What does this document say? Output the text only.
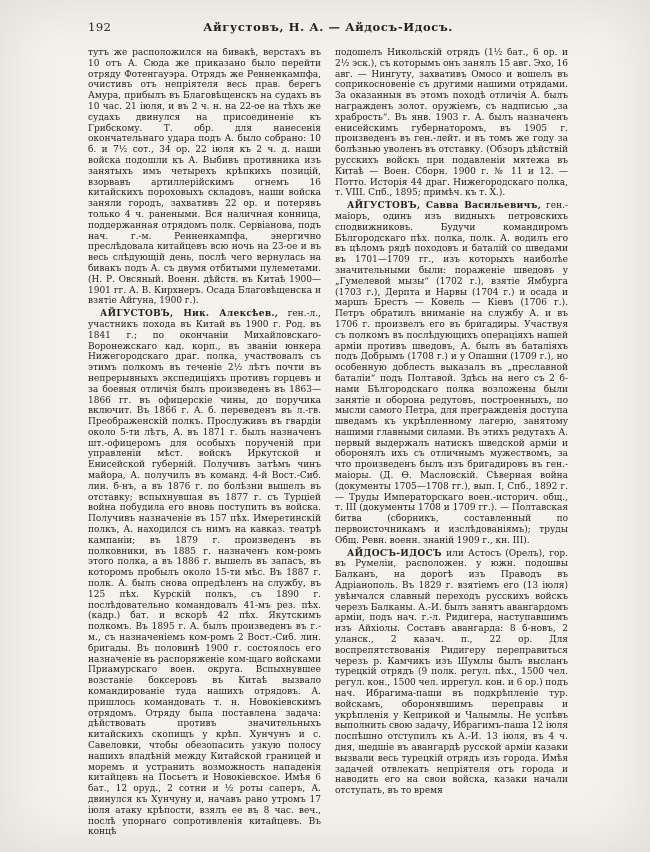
192	Айгустовъ, Н. А. — Айдосъ-Идосъ.

тутъ же расположился на бивакѣ, верстахъ въ 10 отъ А. Сюда же приказано было перейти отряду Фотенгауэра. Отрядъ же Ренненкампфа, очистивъ отъ непріятеля весь прав. берегъ Амура, прибылъ въ Благовѣщенскъ на судахъ въ 10 час. 21 іюля, и въ 2 ч. н. на 22-ое на тѣхъ же судахъ двинулся на присоединеніе къ Грибскому. Т. обр. для нанесенія окончательнаго удара подъ А. было собрано: 10 б. и 7½ сот., 34 ор. 22 іюля къ 2 ч. д. наши войска подошли къ А. Выбивъ противника изъ занятыхъ имъ четырехъ крѣпкихъ позицій, взорвавъ артиллерійскимъ огнемъ 16 китайскихъ пороховыхъ складовъ, наши войска заняли городъ, захвативъ 22 ор. и потерявъ только 4 ч. ранеными. Вся наличная конница, поддержанная отрядомъ полк. Сервіанова, подъ нач. г.-м. Ренненкампфа, энергично преслѣдовала китайцевъ всю ночь на 23-ое и въ весь слѣдующій день, послѣ чего вернулась на бивакъ подъ А. съ двумя отбитыми пулеметами. (Н. Р. Овсяный. Военн. дѣйств. въ Китаѣ 1900—1901 гг. А. В. Кирхнеръ. Осада Благовѣщенска и взятіе Айгуна, 1900 г.).

АЙГУСТОВЪ, Ник. Алексѣев., ген.-л., участникъ похода въ Китай въ 1900 г. Род. въ 1841 г.; по окончаніи Михайловскаго-Воронежскаго кад. корп., въ званіи юнкера Нижегородскаго драг. полка, участвовалъ съ этимъ полкомъ въ теченіе 2½ лѣтъ почти въ непрерывныхъ экспедиціяхъ противъ горцевъ и за боевыя отличія былъ произведенъ въ 1863—1866 гг. въ офицерскіе чины, до поручика включит. Въ 1866 г. А. б. переведенъ въ л.-гв. Преображенскій полкъ. Прослуживъ въ гвардіи около 5-ти лѣтъ, А. въ 1871 г. былъ назначенъ шт.-офицеромъ для особыхъ порученій при управленіи мѣст. войскъ Иркутской и Енисейской губерній. Получивъ затѣмъ чинъ майора, А. получилъ въ команд. 4-й Вост.-Сиб. лин. б-нъ, а въ 1876 г. по болѣзни вышелъ въ отставку; вспыхнувшая въ 1877 г. съ Турціей война побудила его вновь поступить въ войска. Получивъ назначеніе въ 157 пѣх. Имеретинскій полкъ, А. находился съ нимъ на кавказ. театрѣ кампаніи; въ 1879 г. произведенъ въ полковники, въ 1885 г. назначенъ ком-ромъ этого полка, а въ 1886 г. вышелъ въ запасъ, въ которомъ пробылъ около 15-ти мѣс. Въ 1887 г. полк. А. былъ снова опредѣленъ на службу, въ 125 пѣх. Курскій полкъ, съ 1890 г. послѣдовательно командовалъ 41-мъ рез. пѣх. (кадр.) бат. и вскорѣ 42 пѣх. Якутскимъ полкомъ. Въ 1895 г. А. былъ произведенъ въ г.-м., съ назначеніемъ ком-ромъ 2 Вост.-Сиб. лин. бригады. Въ половинѣ 1900 г. состоялось его назначеніе въ распоряженіе ком-щаго войсками Приамурскаго воен. округа. Вспыхнувшее возстаніе боксеровъ въ Китаѣ вызвало командированіе туда нашихъ отрядовъ. А. пришлось командовать т. н. Новокіевскимъ отрядомъ. Отряду была поставлена задача: дѣйствовать противъ значительныхъ китайскихъ скопищъ у крѣп. Хунчунъ и с. Савеловки, чтобы обезопасить узкую полосу нашихъ владѣній между Китайской границей и моремъ и устранить возможность нападенія китайцевъ на Посьетъ и Новокіевское. Имѣя 6 бат., 12 оруд., 2 сотни и ½ роты саперъ, А. двинулся къ Хунчуну и, начавъ рано утромъ 17 іюля атаку крѣпости, взялъ ее въ 8 час. веч., послѣ упорнаго сопротивленія китайцевъ. Въ концѣ

подошелъ Никольскій отрядъ (1½ бат., 6 ор. и 2½ эск.), съ которымъ онъ занялъ 15 авг. Эхо, 16 авг. — Нингуту, захвативъ Омосо и вошелъ въ соприкосновеніе съ другими нашими отрядами. За оказанныя въ этомъ походѣ отличія А. былъ награжденъ золот. оружіемъ, съ надписью „за храбрость“. Въ янв. 1903 г. А. былъ назначенъ енисейскимъ губернаторомъ, въ 1905 г. произведенъ въ ген.-лейт. и въ томъ же году за болѣзнью уволенъ въ отставку. (Обзоръ дѣйствій русскихъ войскъ при подавленіи мятежа въ Китаѣ — Воен. Сборн. 1900 г. № 11 и 12. — Потто. Исторія 44 драг. Нижегородскаго полка, т. VIII. Спб., 1895; примѣч. къ т. X.).

АЙГУСТОВЪ, Савва Васильевичъ, ген.-маіоръ, одинъ изъ видныхъ петровскихъ сподвижниковъ. Будучи командиромъ Бѣлгородскаго пѣх. полка, полк. А. водилъ его въ цѣломъ рядѣ походовъ и баталій со шведами въ 1701—1709 гг., изъ которыхъ наиболѣе значительными были: пораженіе шведовъ у „Гумелевой мызы“ (1702 г.), взятіе Ямбурга (1703 г.), Дерпта и Нарвы (1704 г.) и осада и маршъ Брестъ — Ковель — Кіевъ (1706 г.). Петръ обратилъ вниманіе на службу А. и въ 1706 г. произвелъ его въ бригадиры. Участвуя съ полкомъ въ послѣдующихъ операціяхъ нашей арміи противъ шведовъ, А. былъ въ баталіяхъ подъ Добрымъ (1708 г.) и у Опашни (1709 г.), но особенную доблесть выказалъ въ „преславной баталіи“ подъ Полтавой. Здѣсь на него съ 2 б-нами Бѣлгородскаго полка возложены были занятіе и оборона редутовъ, построенныхъ, по мысли самого Петра, для прегражденія доступа шведамъ къ укрѣпленному лагерю, занятому нашими главными силами. Въ этихъ редутахъ А. первый выдержалъ натискъ шведской арміи и оборонялъ ихъ съ отличнымъ мужествомъ, за что произведенъ былъ изъ бригадировъ въ ген.-маіоры. (Д. Ѳ. Масловскій. Сѣверная война (документы 1705—1708 гг.), вып. I, Спб., 1892 г. — Труды Императорскаго воен.-историч. общ., т. III (документы 1708 и 1709 гг.). — Полтавская битва (сборникъ, составленный по первоисточникамъ и изслѣдованіямъ); труды Общ. Ревн. военн. знаній 1909 г., кн. III).

АЙДОСЪ-ИДОСЪ или Астосъ (Орелъ), гор. въ Румеліи, расположен. у южн. подошвы Балканъ, на дорогѣ изъ Праводъ въ Адріанополь. Въ 1829 г. взятіемъ его (13 іюля) увѣнчался славный переходъ русскихъ войскъ черезъ Балканы. А.-И. былъ занятъ авангардомъ арміи, подъ нач. г.-л. Ридигера, наступавшимъ изъ Айхіолы. Составъ авангарда: 8 б-новъ, 2 уланск., 2 казач. п., 22 ор. Для воспрепятствованія Ридигеру переправиться черезъ р. Камчикъ изъ Шумлы былъ высланъ турецкій отрядъ (9 полк. регул. пѣх., 1500 чел. регул. кон., 1500 чел. иррегул. кон. и 6 ор.) подъ нач. Ибрагима-паши въ подкрѣпленіе тур. войскамъ, оборонявшимъ переправы и укрѣпленія у Кеприкой и Чалымлы. Не успѣвъ выполнить свою задачу, Ибрагимъ-паша 12 іюля поспѣшно отступилъ къ А.-И. 13 іюля, въ 4 ч. дня, шедшіе въ авангардѣ русской арміи казаки вызвали весь турецкій отрядъ изъ города. Имѣя задачей отвлекать непріятеля отъ города и наводить его на свои войска, казаки начали отступать, въ то время
